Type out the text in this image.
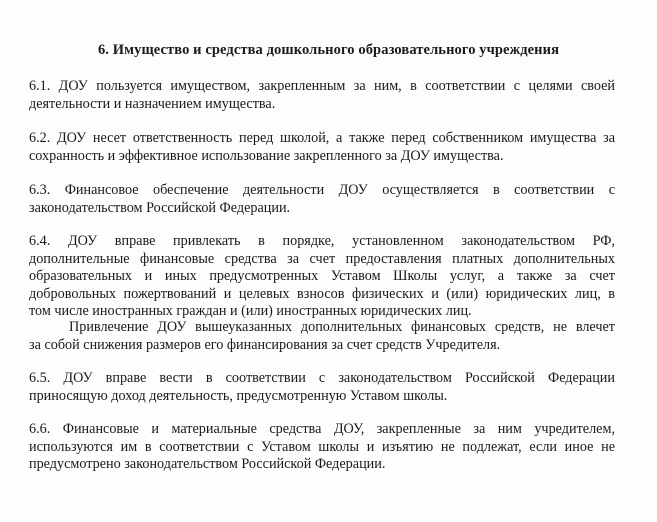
6. Имущество и средства дошкольного образовательного учреждения
6.1. ДОУ пользуется имуществом, закрепленным за ним, в соответствии с целями своей
деятельности и назначением имущества.
6.2. ДОУ несет ответственность перед школой, а также перед собственником имущества за
сохранность и эффективное использование закрепленного за ДОУ имущества.
6.3. Финансовое обеспечение деятельности ДОУ осуществляется в соответствии с
законодательством Российской Федерации.
6.4. ДОУ вправе привлекать в порядке, установленном законодательством РФ,
дополнительные финансовые средства за счет предоставления платных дополнительных
образовательных и иных предусмотренных Уставом Школы услуг, а также за счет
добровольных пожертвований и целевых взносов физических и (или) юридических лиц, в
том числе иностранных граждан и (или) иностранных юридических лиц.
Привлечение ДОУ вышеуказанных дополнительных финансовых средств, не влечет
за собой снижения размеров его финансирования за счет средств Учредителя.
6.5. ДОУ вправе вести в соответствии с законодательством Российской Федерации
приносящую доход деятельность, предусмотренную Уставом школы.
6.6. Финансовые и материальные средства ДОУ, закрепленные за ним учредителем,
используются им в соответствии с Уставом школы и изъятию не подлежат, если иное не
предусмотрено законодательством Российской Федерации.
